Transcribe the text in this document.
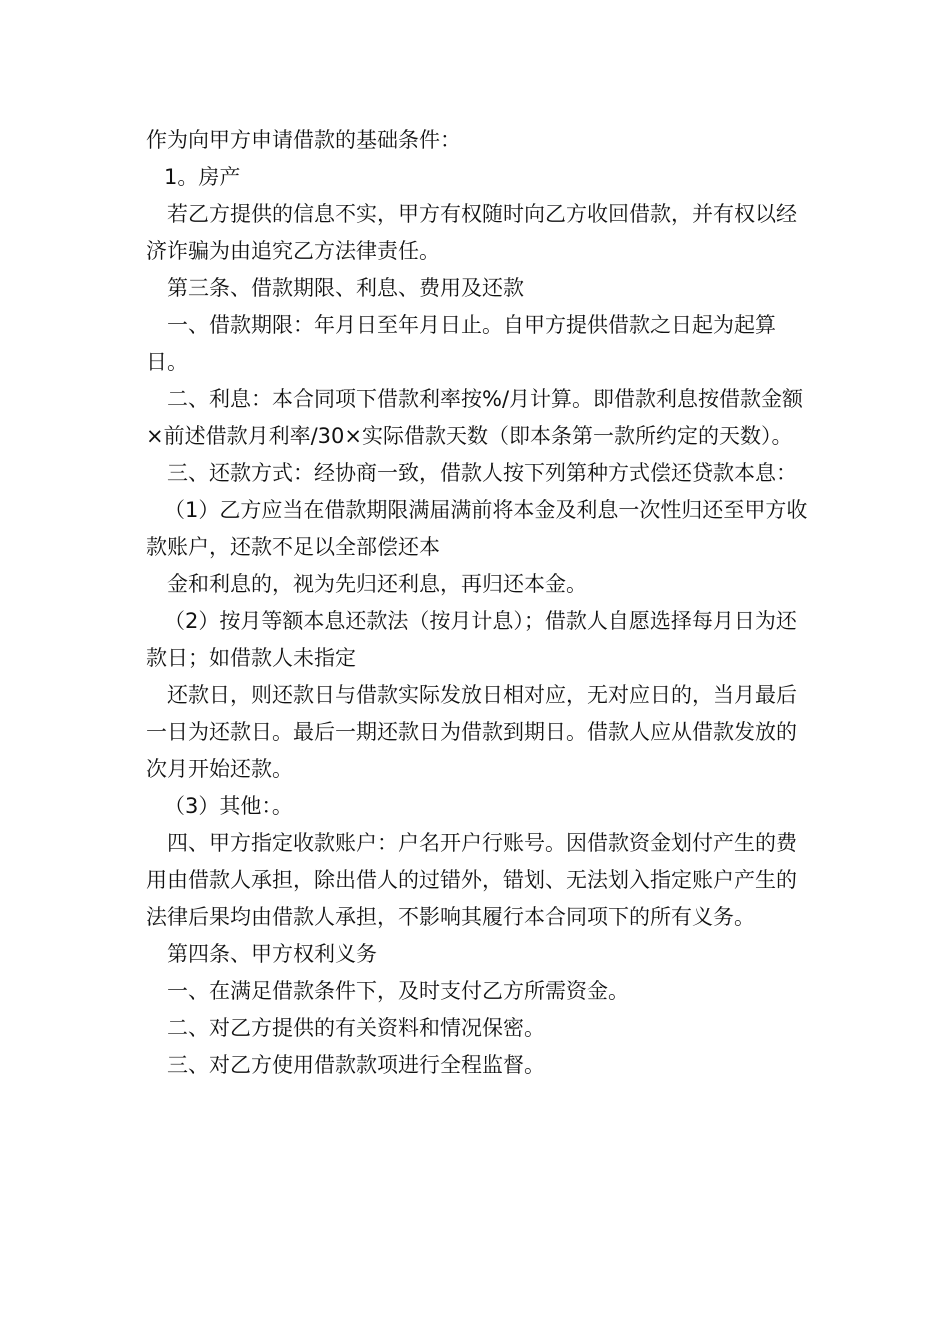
作为向甲方申请借款的基础条件：

1。房产

若乙方提供的信息不实，甲方有权随时向乙方收回借款，并有权以经济诈骗为由追究乙方法律责任。

第三条、借款期限、利息、费用及还款

一、借款期限：年月日至年月日止。自甲方提供借款之日起为起算日。

二、利息：本合同项下借款利率按%/月计算。即借款利息按借款金额×前述借款月利率/30×实际借款天数（即本条第一款所约定的天数）。

三、还款方式：经协商一致，借款人按下列第种方式偿还贷款本息：

（1）乙方应当在借款期限满届满前将本金及利息一次性归还至甲方收款账户，还款不足以全部偿还本

金和利息的，视为先归还利息，再归还本金。

（2）按月等额本息还款法（按月计息）；借款人自愿选择每月日为还款日；如借款人未指定

还款日，则还款日与借款实际发放日相对应，无对应日的，当月最后一日为还款日。最后一期还款日为借款到期日。借款人应从借款发放的次月开始还款。

（3）其他：。

四、甲方指定收款账户：户名开户行账号。因借款资金划付产生的费用由借款人承担，除出借人的过错外，错划、无法划入指定账户产生的法律后果均由借款人承担，不影响其履行本合同项下的所有义务。

第四条、甲方权利义务

一、在满足借款条件下，及时支付乙方所需资金。

二、对乙方提供的有关资料和情况保密。

三、对乙方使用借款款项进行全程监督。
